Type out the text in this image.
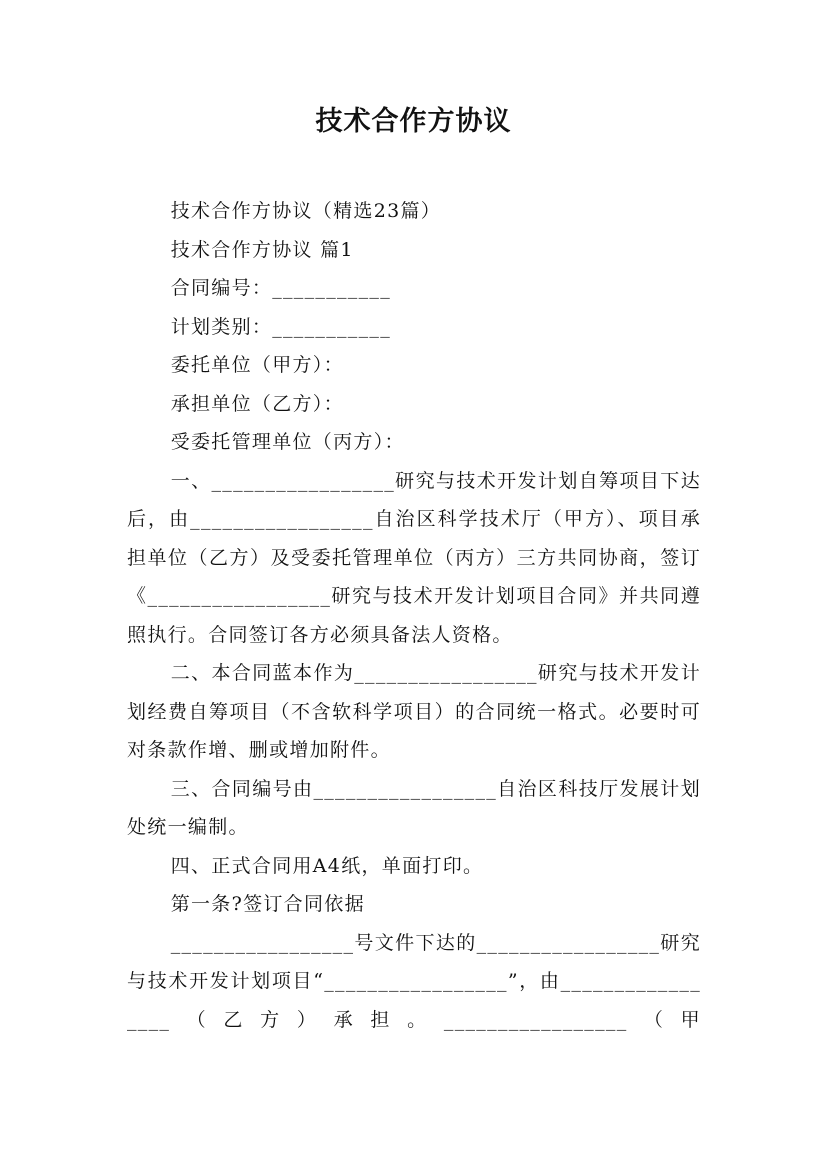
技术合作方协议

技术合作方协议（精选23篇）

技术合作方协议 篇1

合同编号：___________

计划类别：___________

委托单位（甲方）：

承担单位（乙方）：

受委托管理单位（丙方）：

一、_________________研究与技术开发计划自筹项目下达后，由_________________自治区科学技术厅（甲方）、项目承担单位（乙方）及受委托管理单位（丙方）三方共同协商，签订《_________________研究与技术开发计划项目合同》并共同遵照执行。合同签订各方必须具备法人资格。

二、本合同蓝本作为_________________研究与技术开发计划经费自筹项目（不含软科学项目）的合同统一格式。必要时可对条款作增、删或增加附件。

三、合同编号由_________________自治区科技厅发展计划处统一编制。

四、正式合同用A4纸，单面打印。

第一条?签订合同依据

_________________号文件下达的_________________研究与技术开发计划项目“_________________”，由_________________（乙方）承担。_________________（甲
